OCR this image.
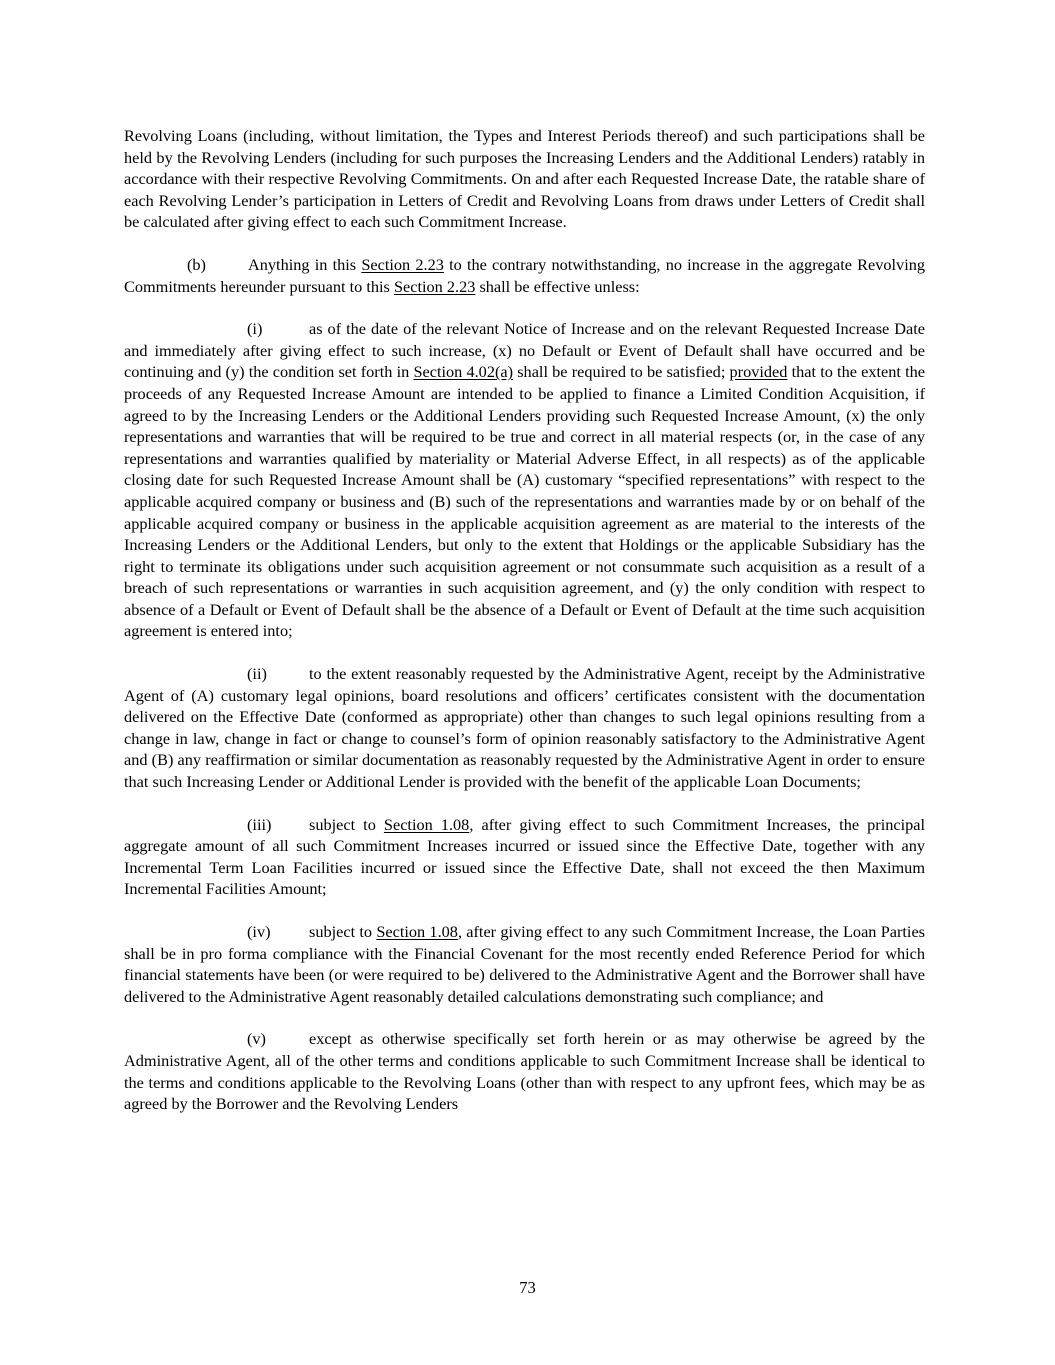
Revolving Loans (including, without limitation, the Types and Interest Periods thereof) and such participations shall be held by the Revolving Lenders (including for such purposes the Increasing Lenders and the Additional Lenders) ratably in accordance with their respective Revolving Commitments. On and after each Requested Increase Date, the ratable share of each Revolving Lender’s participation in Letters of Credit and Revolving Loans from draws under Letters of Credit shall be calculated after giving effect to each such Commitment Increase.

(b)	Anything in this Section 2.23 to the contrary notwithstanding, no increase in the aggregate Revolving Commitments hereunder pursuant to this Section 2.23 shall be effective unless:

(i)	as of the date of the relevant Notice of Increase and on the relevant Requested Increase Date and immediately after giving effect to such increase, (x) no Default or Event of Default shall have occurred and be continuing and (y) the condition set forth in Section 4.02(a) shall be required to be satisfied; provided that to the extent the proceeds of any Requested Increase Amount are intended to be applied to finance a Limited Condition Acquisition, if agreed to by the Increasing Lenders or the Additional Lenders providing such Requested Increase Amount, (x) the only representations and warranties that will be required to be true and correct in all material respects (or, in the case of any representations and warranties qualified by materiality or Material Adverse Effect, in all respects) as of the applicable closing date for such Requested Increase Amount shall be (A) customary “specified representations” with respect to the applicable acquired company or business and (B) such of the representations and warranties made by or on behalf of the applicable acquired company or business in the applicable acquisition agreement as are material to the interests of the Increasing Lenders or the Additional Lenders, but only to the extent that Holdings or the applicable Subsidiary has the right to terminate its obligations under such acquisition agreement or not consummate such acquisition as a result of a breach of such representations or warranties in such acquisition agreement, and (y) the only condition with respect to absence of a Default or Event of Default shall be the absence of a Default or Event of Default at the time such acquisition agreement is entered into;

(ii)	to the extent reasonably requested by the Administrative Agent, receipt by the Administrative Agent of (A) customary legal opinions, board resolutions and officers’ certificates consistent with the documentation delivered on the Effective Date (conformed as appropriate) other than changes to such legal opinions resulting from a change in law, change in fact or change to counsel’s form of opinion reasonably satisfactory to the Administrative Agent and (B) any reaffirmation or similar documentation as reasonably requested by the Administrative Agent in order to ensure that such Increasing Lender or Additional Lender is provided with the benefit of the applicable Loan Documents;

(iii) subject to Section 1.08, after giving effect to such Commitment Increases, the principal aggregate amount of all such Commitment Increases incurred or issued since the Effective Date, together with any Incremental Term Loan Facilities incurred or issued since the Effective Date, shall not exceed the then Maximum Incremental Facilities Amount;

(iv) subject to Section 1.08, after giving effect to any such Commitment Increase, the Loan Parties shall be in pro forma compliance with the Financial Covenant for the most recently ended Reference Period for which financial statements have been (or were required to be) delivered to the Administrative Agent and the Borrower shall have delivered to the Administrative Agent reasonably detailed calculations demonstrating such compliance; and

(v)	except as otherwise specifically set forth herein or as may otherwise be agreed by the Administrative Agent, all of the other terms and conditions applicable to such Commitment Increase shall be identical to the terms and conditions applicable to the Revolving Loans (other than with respect to any upfront fees, which may be as agreed by the Borrower and the Revolving Lenders

73
